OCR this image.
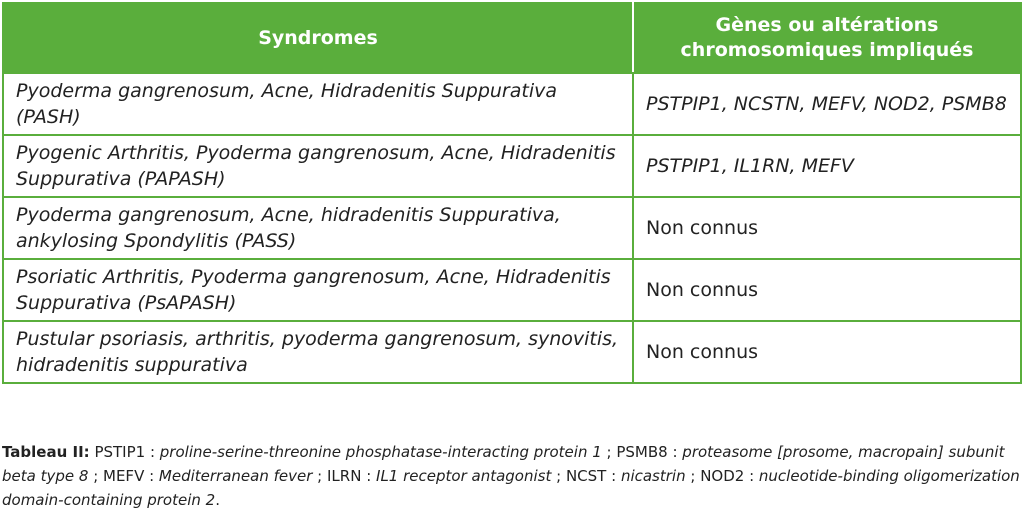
Syndromes	Gènes ou altérations chromosomiques impliqués
Pyoderma gangrenosum, Acne, Hidradenitis Suppurativa (PASH)	PSTPIP1, NCSTN, MEFV, NOD2, PSMB8
Pyogenic Arthritis, Pyoderma gangrenosum, Acne, Hidradenitis Suppurativa (PAPASH)	PSTPIP1, IL1RN, MEFV
Pyoderma gangrenosum, Acne, hidradenitis Suppurativa, ankylosing Spondylitis (PASS)	Non connus
Psoriatic Arthritis, Pyoderma gangrenosum, Acne, Hidradenitis Suppurativa (PsAPASH)	Non connus
Pustular psoriasis, arthritis, pyoderma gangrenosum, synovitis, hidradenitis suppurativa	Non connus
Tableau II: PSTIP1 : proline-serine-threonine phosphatase-interacting protein 1 ; PSMB8 : proteasome [prosome, macropain] subunit beta type 8 ; MEFV : Mediterranean fever ; ILRN : IL1 receptor antagonist ; NCST : nicastrin ; NOD2 : nucleotide-binding oligomerization domain-containing protein 2.
